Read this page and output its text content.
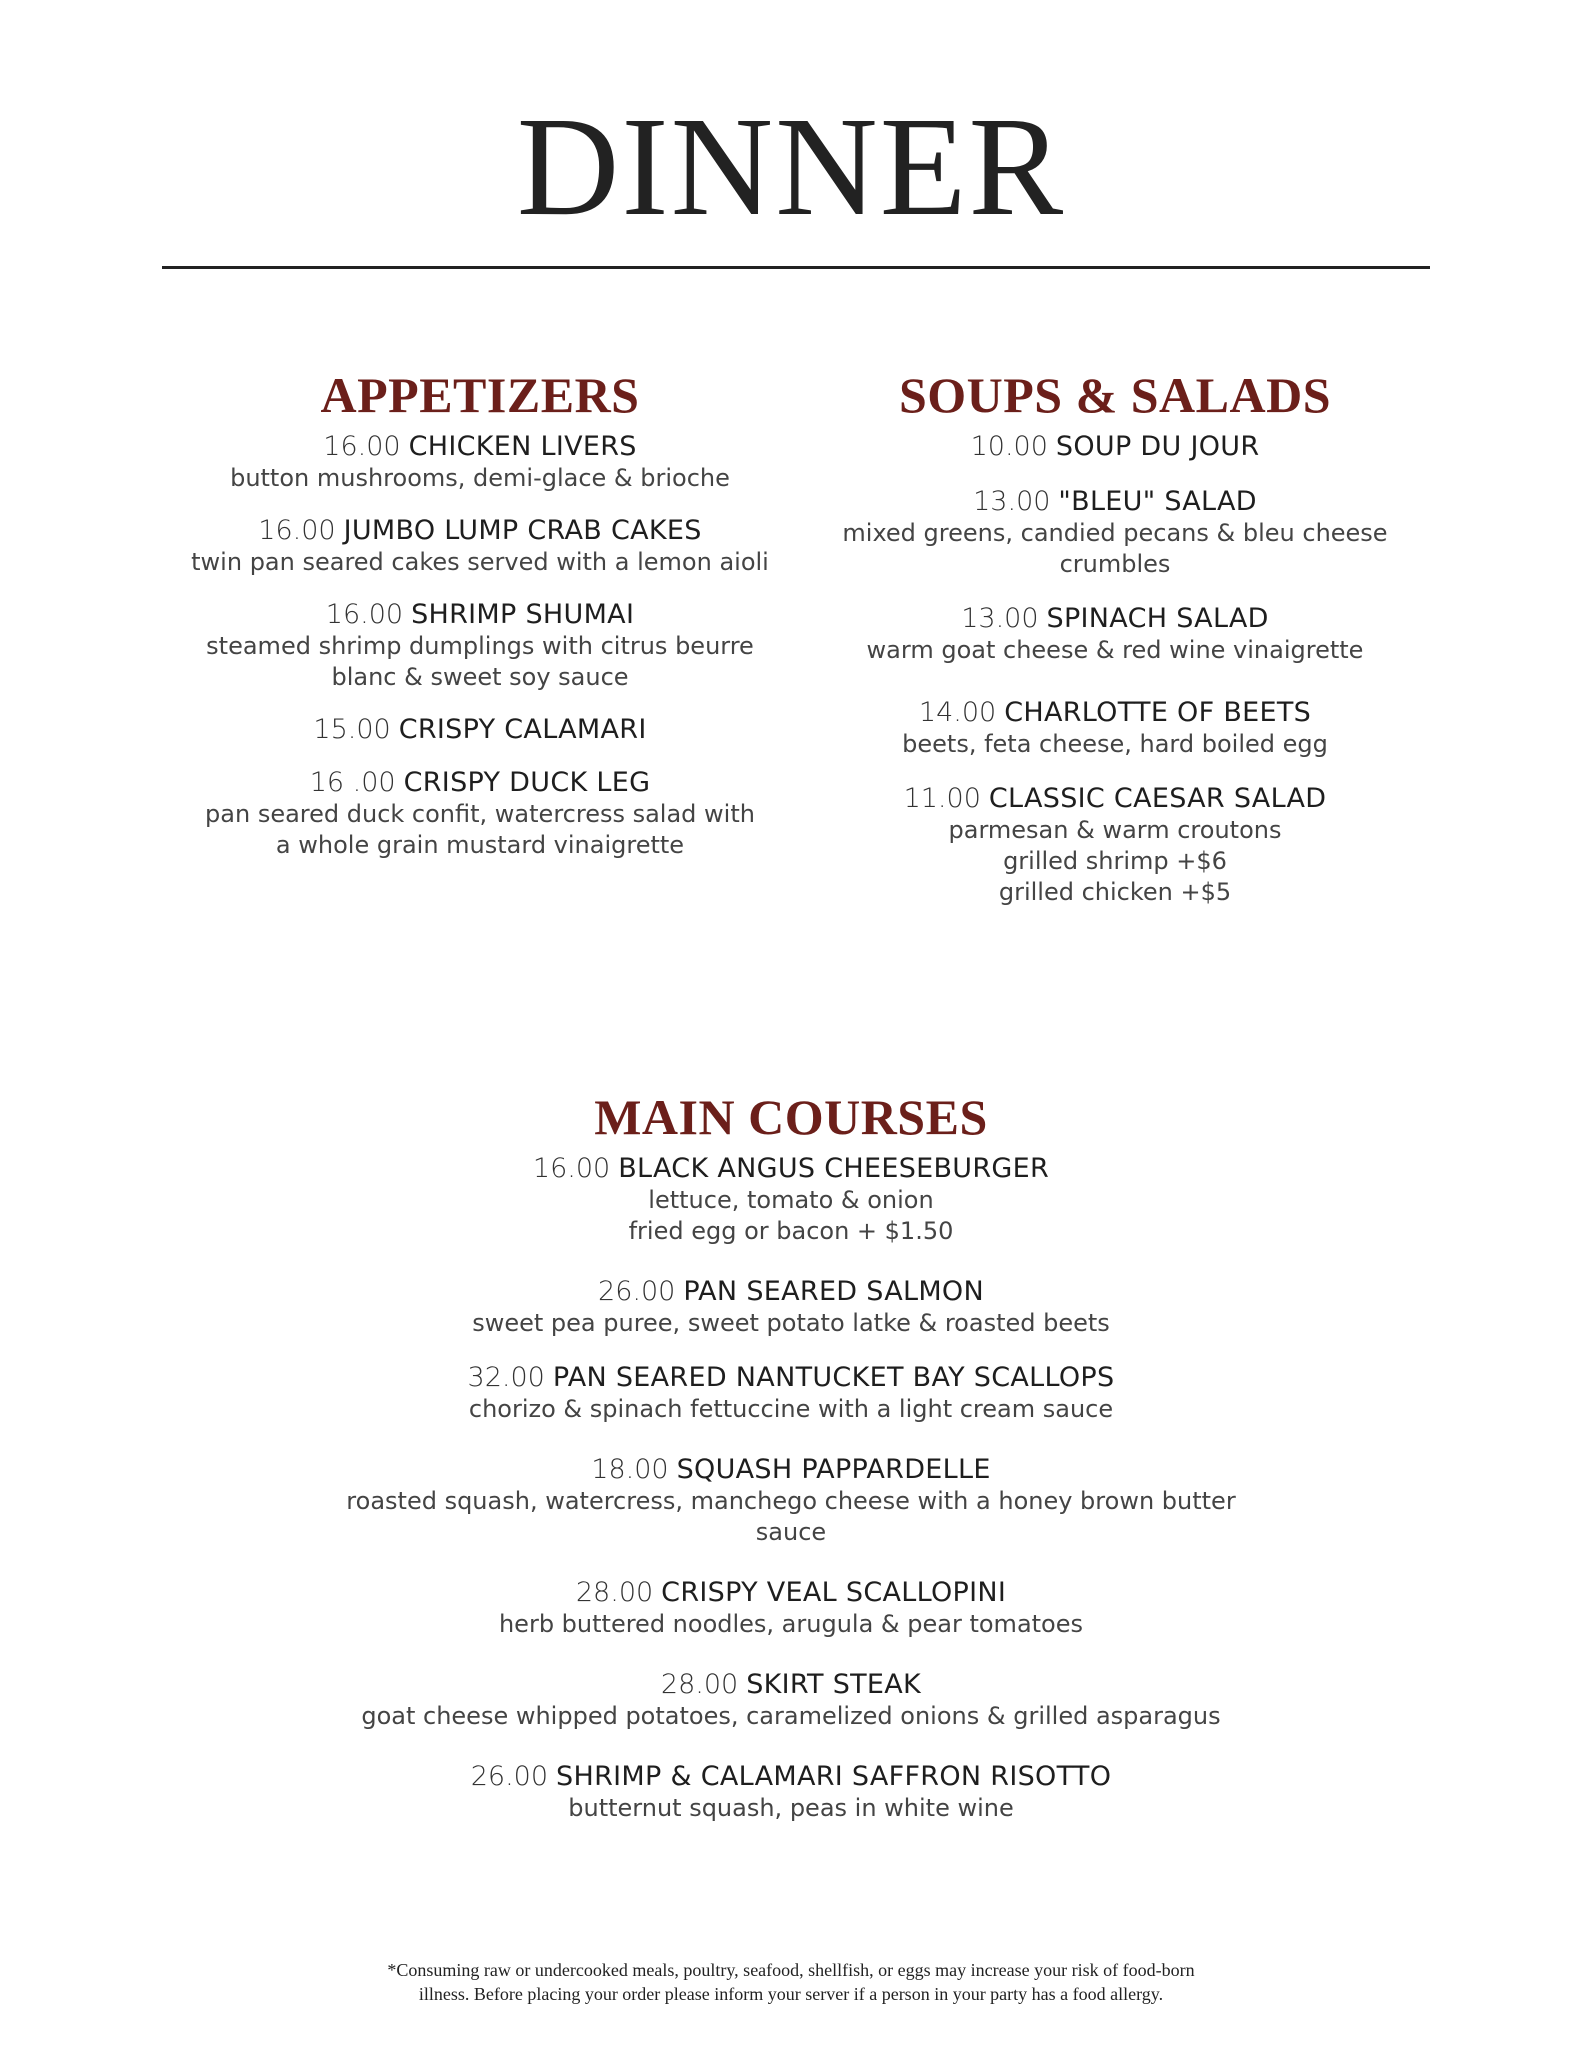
DINNER
APPETIZERS
16.00 CHICKEN LIVERS
button mushrooms, demi-glace & brioche
16.00 JUMBO LUMP CRAB CAKES
twin pan seared cakes served with a lemon aioli
16.00 SHRIMP SHUMAI
steamed shrimp dumplings with citrus beurre
blanc & sweet soy sauce
15.00 CRISPY CALAMARI
16 .00 CRISPY DUCK LEG
pan seared duck confit, watercress salad with
a whole grain mustard vinaigrette
SOUPS & SALADS
10.00 SOUP DU JOUR
13.00 "BLEU" SALAD
mixed greens, candied pecans & bleu cheese
crumbles
13.00 SPINACH SALAD
warm goat cheese & red wine vinaigrette
14.00 CHARLOTTE OF BEETS
beets, feta cheese, hard boiled egg
11.00 CLASSIC CAESAR SALAD
parmesan & warm croutons
grilled shrimp +$6
grilled chicken +$5
MAIN COURSES
16.00 BLACK ANGUS CHEESEBURGER
lettuce, tomato & onion
fried egg or bacon + $1.50
26.00 PAN SEARED SALMON
sweet pea puree, sweet potato latke & roasted beets
32.00 PAN SEARED NANTUCKET BAY SCALLOPS
chorizo & spinach fettuccine with a light cream sauce
18.00 SQUASH PAPPARDELLE
roasted squash, watercress, manchego cheese with a honey brown butter
sauce
28.00 CRISPY VEAL SCALLOPINI
herb buttered noodles, arugula & pear tomatoes
28.00 SKIRT STEAK
goat cheese whipped potatoes, caramelized onions & grilled asparagus
26.00 SHRIMP & CALAMARI SAFFRON RISOTTO
butternut squash, peas in white wine
*Consuming raw or undercooked meals, poultry, seafood, shellfish, or eggs may increase your risk of food-born
illness. Before placing your order please inform your server if a person in your party has a food allergy.
